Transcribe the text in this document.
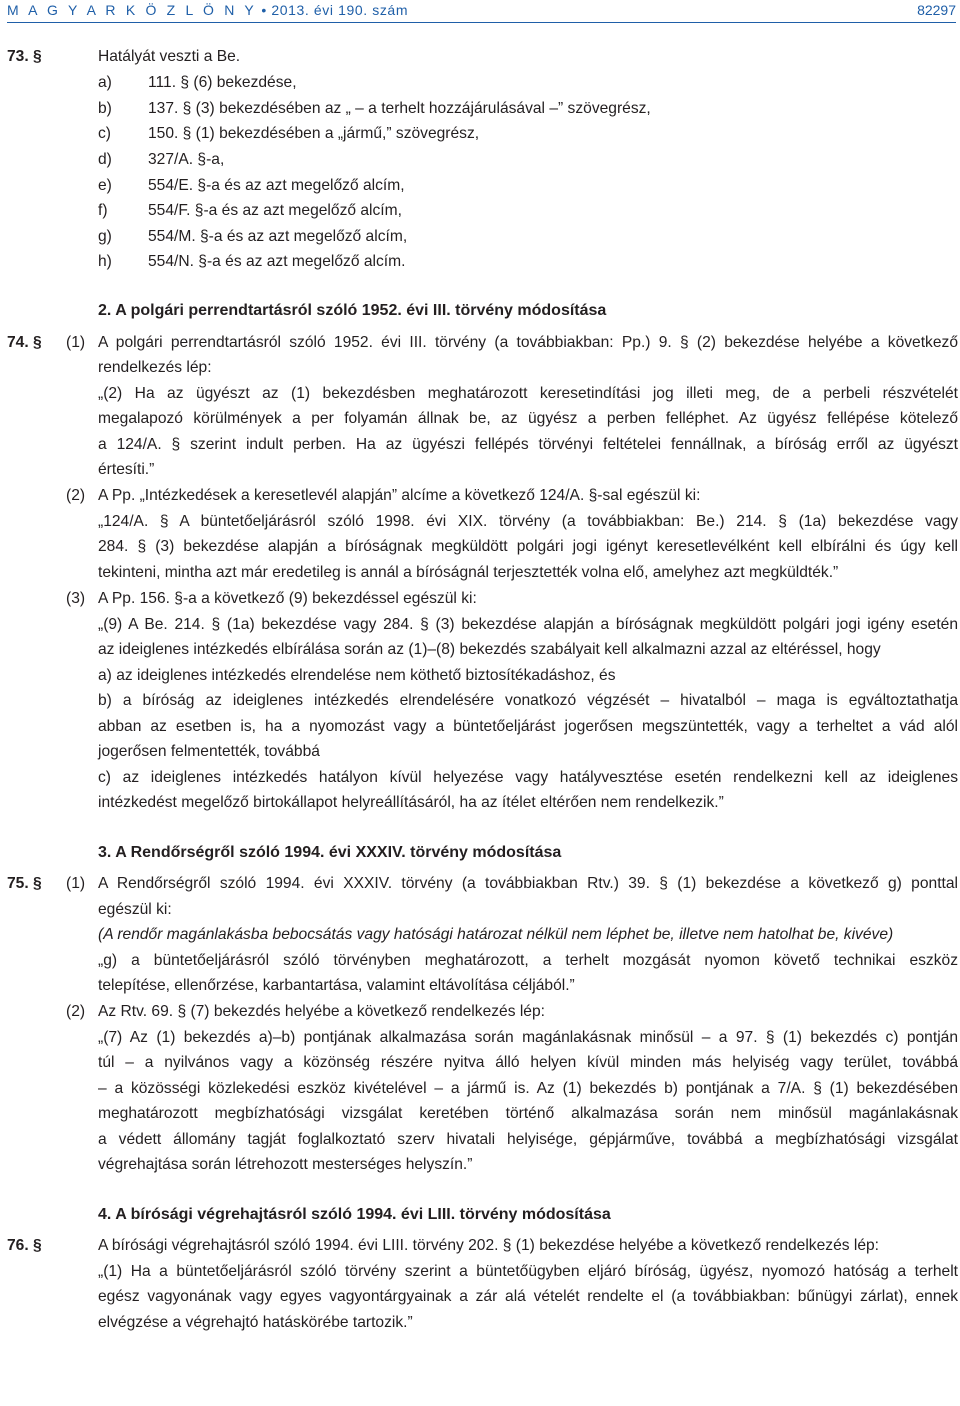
M A G Y A R K Ö Z L Ö N Y • 2013. évi 190. szám	82297
73. §	Hatályát veszti a Be.
a) 111. § (6) bekezdése,
b) 137. § (3) bekezdésében az „ – a terhelt hozzájárulásával –” szövegrész,
c) 150. § (1) bekezdésében a „jármű,” szövegrész,
d) 327/A. §-a,
e) 554/E. §-a és az azt megelőző alcím,
f)	554/F. §-a és az azt megelőző alcím,
g) 554/M. §-a és az azt megelőző alcím,
h) 554/N. §-a és az azt megelőző alcím.
2. A polgári perrendtartásról szóló 1952. évi III. törvény módosítása
74. § (1) A polgári perrendtartásról szóló 1952. évi III. törvény (a továbbiakban: Pp.) 9. § (2) bekezdése helyébe a következő
rendelkezés lép:
„(2) Ha az ügyészt az (1) bekezdésben meghatározott keresetindítási jog illeti meg, de a perbeli részvételét
megalapozó körülmények a per folyamán állnak be, az ügyész a perben felléphet. Az ügyész fellépése kötelező
a 124/A. § szerint indult perben. Ha az ügyészi fellépés törvényi feltételei fennállnak, a bíróság erről az ügyészt
értesíti.”
(2) A Pp. „Intézkedések a keresetlevél alapján” alcíme a következő 124/A. §-sal egészül ki:
„124/A. § A büntetőeljárásról szóló 1998. évi XIX. törvény (a továbbiakban: Be.) 214. § (1a) bekezdése vagy
284. § (3) bekezdése alapján a bíróságnak megküldött polgári jogi igényt keresetlevélként kell elbírálni és úgy kell
tekinteni, mintha azt már eredetileg is annál a bíróságnál terjesztették volna elő, amelyhez azt megküldték.”
(3) A Pp. 156. §-a a következő (9) bekezdéssel egészül ki:
„(9) A Be. 214. § (1a) bekezdése vagy 284. § (3) bekezdése alapján a bíróságnak megküldött polgári jogi igény esetén
az ideiglenes intézkedés elbírálása során az (1)–(8) bekezdés szabályait kell alkalmazni azzal az eltéréssel, hogy
a) az ideiglenes intézkedés elrendelése nem köthető biztosítékadáshoz, és
b) a bíróság az ideiglenes intézkedés elrendelésére vonatkozó végzését – hivatalból – maga is egváltoztathatja
abban az esetben is, ha a nyomozást vagy a büntetőeljárást jogerősen megszüntették, vagy a terheltet a vád alól
jogerősen felmentették, továbbá
c) az ideiglenes intézkedés hatályon kívül helyezése vagy hatályvesztése esetén rendelkezni kell az ideiglenes
intézkedést megelőző birtokállapot helyreállításáról, ha az ítélet eltérően nem rendelkezik.”
3. A Rendőrségről szóló 1994. évi XXXIV. törvény módosítása
75. § (1) A Rendőrségről szóló 1994. évi XXXIV. törvény (a továbbiakban Rtv.) 39. § (1) bekezdése a következő g) ponttal
egészül ki:
(A rendőr magánlakásba bebocsátás vagy hatósági határozat nélkül nem léphet be, illetve nem hatolhat be, kivéve)
„g) a büntetőeljárásról szóló törvényben meghatározott, a terhelt mozgását nyomon követő technikai eszköz
telepítése, ellenőrzése, karbantartása, valamint eltávolítása céljából.”
(2) Az Rtv. 69. § (7) bekezdés helyébe a következő rendelkezés lép:
„(7) Az (1) bekezdés a)–b) pontjának alkalmazása során magánlakásnak minősül – a 97. § (1) bekezdés c) pontján
túl – a nyilvános vagy a közönség részére nyitva álló helyen kívül minden más helyiség vagy terület, továbbá
– a közösségi közlekedési eszköz kivételével – a jármű is. Az (1) bekezdés b) pontjának a 7/A. § (1) bekezdésében
meghatározott megbízhatósági vizsgálat keretében történő alkalmazása során nem minősül magánlakásnak
a védett állomány tagját foglalkoztató szerv hivatali helyisége, gépjárműve, továbbá a megbízhatósági vizsgálat
végrehajtása során létrehozott mesterséges helyszín.”
4. A bírósági végrehajtásról szóló 1994. évi LIII. törvény módosítása
76. §	A bírósági végrehajtásról szóló 1994. évi LIII. törvény 202. § (1) bekezdése helyébe a következő rendelkezés lép:
„(1) Ha a büntetőeljárásról szóló törvény szerint a büntetőügyben eljáró bíróság, ügyész, nyomozó hatóság a terhelt
egész vagyonának vagy egyes vagyontárgyainak a zár alá vételét rendelte el (a továbbiakban: bűnügyi zárlat), ennek
elvégzése a végrehajtó hatáskörébe tartozik.”
